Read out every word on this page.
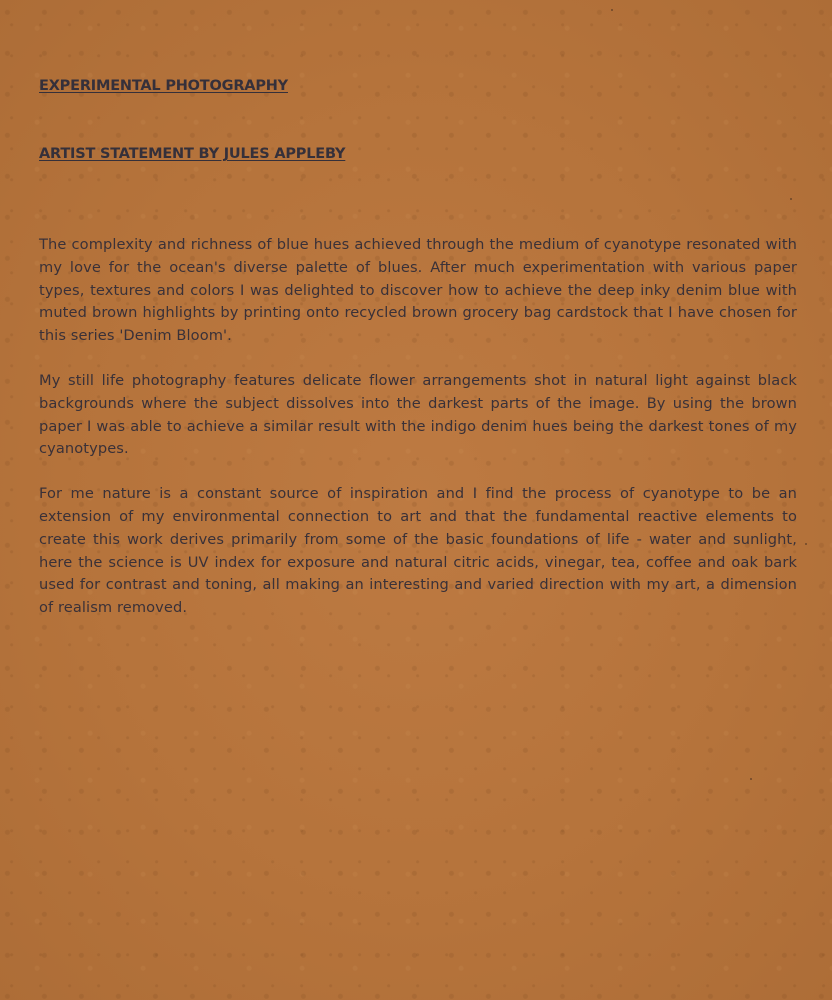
EXPERIMENTAL PHOTOGRAPHY
ARTIST STATEMENT BY JULES APPLEBY

The complexity and richness of blue hues achieved through the medium of cyanotype resonated with my love for the ocean's diverse palette of blues. After much experimentation with various paper types, textures and colors I was delighted to discover how to achieve the deep inky denim blue with muted brown highlights by printing onto recycled brown grocery bag cardstock that I have chosen for this series 'Denim Bloom'.

My still life photography features delicate flower arrangements shot in natural light against black backgrounds where the subject dissolves into the darkest parts of the image. By using the brown paper I was able to achieve a similar result with the indigo denim hues being the darkest tones of my cyanotypes.

For me nature is a constant source of inspiration and I find the process of cyanotype to be an extension of my environmental connection to art and that the fundamental reactive elements to create this work derives primarily from some of the basic foundations of life - water and sunlight, here the science is UV index for exposure and natural citric acids, vinegar, tea, coffee and oak bark used for contrast and toning, all making an interesting and varied direction with my art, a dimension of realism removed.
